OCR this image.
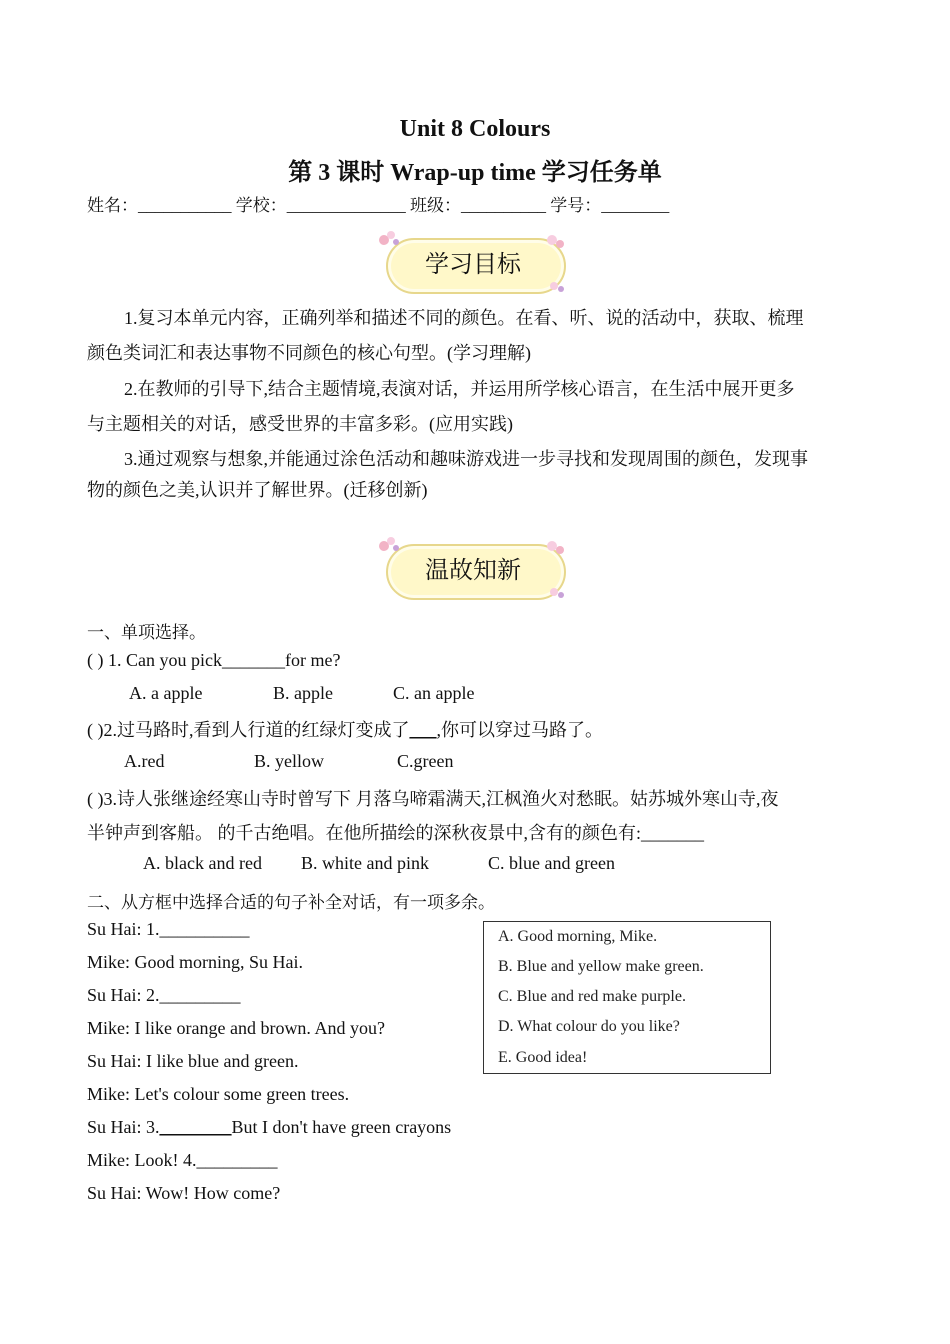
Unit 8 Colours
第 3 课时 Wrap-up time 学习任务单
姓名：___________ 学校：______________ 班级：__________ 学号：________
学习目标
1.复习本单元内容，正确列举和描述不同的颜色。在看、听、说的活动中，获取、梳理
颜色类词汇和表达事物不同颜色的核心句型。(学习理解)
2.在教师的引导下,结合主题情境,表演对话，并运用所学核心语言，在生活中展开更多
与主题相关的对话，感受世界的丰富多彩。(应用实践)
3.通过观察与想象,并能通过涂色活动和趣味游戏进一步寻找和发现周围的颜色，发现事
物的颜色之美,认识并了解世界。(迁移创新)
温故知新
一、单项选择。
( ) 1. Can you pick_______for me?
A. a apple	B. apple	C. an apple
( )2.过马路时,看到人行道的红绿灯变成了___,你可以穿过马路了。
A.red	B. yellow	C.green
( )3.诗人张继途经寒山寺时曾写下 月落乌啼霜满天,江枫渔火对愁眠。姑苏城外寒山寺,夜
半钟声到客船。 的千古绝唱。在他所描绘的深秋夜景中,含有的颜色有:_______
A. black and red B. white and pink	C. blue and green
二、从方框中选择合适的句子补全对话，有一项多余。
Su Hai: 1.__________
Mike: Good morning, Su Hai.
Su Hai: 2._________
Mike: I like orange and brown. And you?
Su Hai: I like blue and green.
Mike: Let's colour some green trees.
Su Hai: 3.________But I don't have green crayons
Mike: Look! 4._________
Su Hai: Wow! How come?
A. Good morning, Mike.
B. Blue and yellow make green.
C. Blue and red make purple.
D. What colour do you like?
E. Good idea!
